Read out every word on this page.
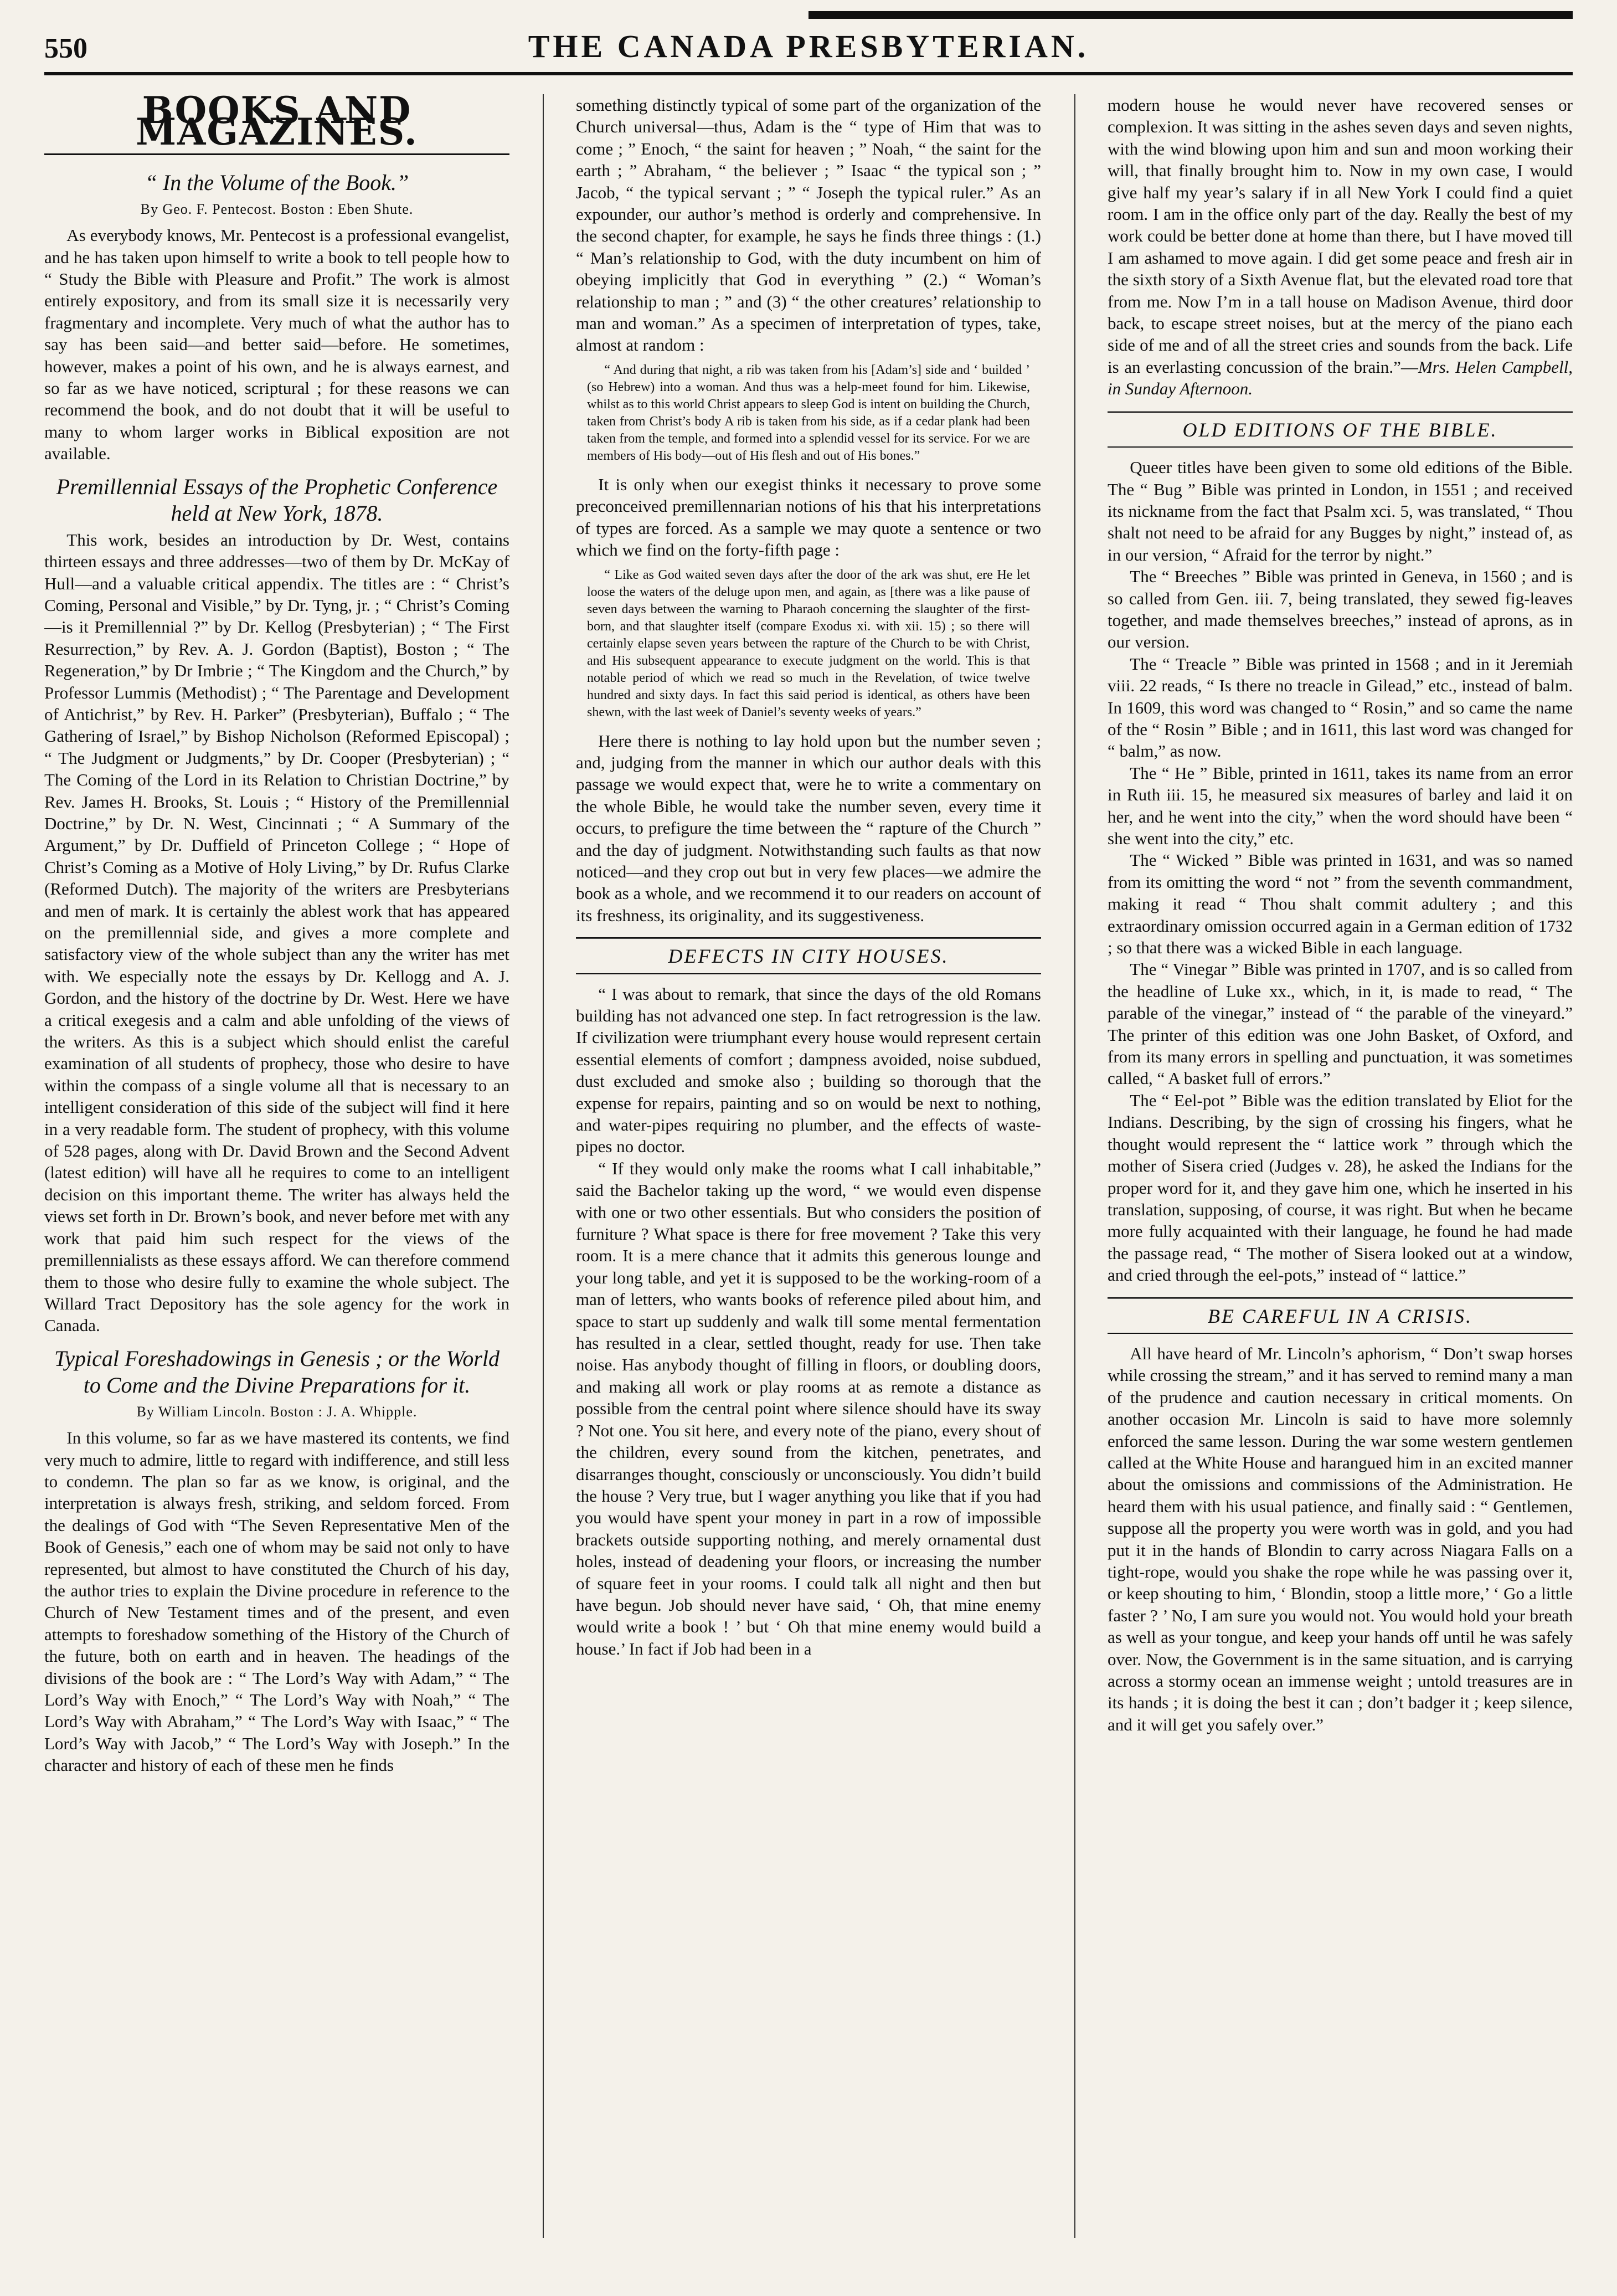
550	THE CANADA PRESBYTERIAN.
BOOKS AND MAGAZINES.

“ In the Volume of the Book.”

By Geo. F. Pentecost. Boston : Eben Shute.

As everybody knows, Mr. Pentecost is a professional evangelist, and he has taken upon himself to write a book to tell people how to “ Study the Bible with Pleasure and Profit.” The work is almost entirely expository, and from its small size it is necessarily very fragmentary and incomplete. Very much of what the author has to say has been said—and better said—before. He sometimes, however, makes a point of his own, and he is always earnest, and so far as we have noticed, scriptural ; for these reasons we can recommend the book, and do not doubt that it will be useful to many to whom larger works in Biblical exposition are not available.

Premillennial Essays of the Prophetic Conference held at New York, 1878.

This work, besides an introduction by Dr. West, contains thirteen essays and three addresses—two of them by Dr. McKay of Hull—and a valuable critical appendix. The titles are : “ Christ’s Coming, Personal and Visible,” by Dr. Tyng, jr. ; “ Christ’s Coming—is it Premillennial ?” by Dr. Kellog (Presbyterian) ; “ The First Resurrection,” by Rev. A. J. Gordon (Baptist), Boston ; “ The Regeneration,” by Dr Imbrie ; “ The Kingdom and the Church,” by Professor Lummis (Methodist) ; “ The Parentage and Development of Antichrist,” by Rev. H. Parker” (Presbyterian), Buffalo ; “ The Gathering of Israel,” by Bishop Nicholson (Reformed Episcopal) ; “ The Judgment or Judgments,” by Dr. Cooper (Presbyterian) ; “ The Coming of the Lord in its Relation to Christian Doctrine,” by Rev. James H. Brooks, St. Louis ; “ History of the Premillennial Doctrine,” by Dr. N. West, Cincinnati ; “ A Summary of the Argument,” by Dr. Duffield of Princeton College ; “ Hope of Christ’s Coming as a Motive of Holy Living,” by Dr. Rufus Clarke (Reformed Dutch). The majority of the writers are Presbyterians and men of mark. It is certainly the ablest work that has appeared on the premillennial side, and gives a more complete and satisfactory view of the whole subject than any the writer has met with. We especially note the essays by Dr. Kellogg and A. J. Gordon, and the history of the doctrine by Dr. West. Here we have a critical exegesis and a calm and able unfolding of the views of the writers. As this is a subject which should enlist the careful examination of all students of prophecy, those who desire to have within the compass of a single volume all that is necessary to an intelligent consideration of this side of the subject will find it here in a very readable form. The student of prophecy, with this volume of 528 pages, along with Dr. David Brown and the Second Advent (latest edition) will have all he requires to come to an intelligent decision on this important theme. The writer has always held the views set forth in Dr. Brown’s book, and never before met with any work that paid him such respect for the views of the premillennialists as these essays afford. We can therefore commend them to those who desire fully to examine the whole subject. The Willard Tract Depository has the sole agency for the work in Canada.

Typical Foreshadowings in Genesis ; or the World to Come and the Divine Preparations for it.

By William Lincoln. Boston : J. A. Whipple.

In this volume, so far as we have mastered its contents, we find very much to admire, little to regard with indifference, and still less to condemn. The plan so far as we know, is original, and the interpretation is always fresh, striking, and seldom forced. From the dealings of God with “The Seven Representative Men of the Book of Genesis,” each one of whom may be said not only to have represented, but almost to have constituted the Church of his day, the author tries to explain the Divine procedure in reference to the Church of New Testament times and of the present, and even attempts to foreshadow something of the History of the Church of the future, both on earth and in heaven. The headings of the divisions of the book are : “ The Lord’s Way with Adam,” “ The Lord’s Way with Enoch,” “ The Lord’s Way with Noah,” “ The Lord’s Way with Abraham,” “ The Lord’s Way with Isaac,” “ The Lord’s Way with Jacob,” “ The Lord’s Way with Joseph.” In the character and history of each of these men he finds

something distinctly typical of some part of the organization of the Church universal—thus, Adam is the “ type of Him that was to come ; ” Enoch, “ the saint for heaven ; ” Noah, “ the saint for the earth ; ” Abraham, “ the believer ; ” Isaac “ the typical son ; ” Jacob, “ the typical servant ; ” “ Joseph the typical ruler.” As an expounder, our author’s method is orderly and comprehensive. In the second chapter, for example, he says he finds three things : (1.) “ Man’s relationship to God, with the duty incumbent on him of obeying implicitly that God in everything ” (2.) “ Woman’s relationship to man ; ” and (3) “ the other creatures’ relationship to man and woman.” As a specimen of interpretation of types, take, almost at random :

“ And during that night, a rib was taken from his [Adam’s] side and ‘ builded ’ (so Hebrew) into a woman. And thus was a help-meet found for him. Likewise, whilst as to this world Christ appears to sleep God is intent on building the Church, taken from Christ’s body A rib is taken from his side, as if a cedar plank had been taken from the temple, and formed into a splendid vessel for its service. For we are members of His body—out of His flesh and out of His bones.”

It is only when our exegist thinks it necessary to prove some preconceived premillennarian notions of his that his interpretations of types are forced. As a sample we may quote a sentence or two which we find on the forty-fifth page :

“ Like as God waited seven days after the door of the ark was shut, ere He let loose the waters of the deluge upon men, and again, as [there was a like pause of seven days between the warning to Pharaoh concerning the slaughter of the first-born, and that slaughter itself (compare Exodus xi. with xii. 15) ; so there will certainly elapse seven years between the rapture of the Church to be with Christ, and His subsequent appearance to execute judgment on the world. This is that notable period of which we read so much in the Revelation, of twice twelve hundred and sixty days. In fact this said period is identical, as others have been shewn, with the last week of Daniel’s seventy weeks of years.”

Here there is nothing to lay hold upon but the number seven ; and, judging from the manner in which our author deals with this passage we would expect that, were he to write a commentary on the whole Bible, he would take the number seven, every time it occurs, to prefigure the time between the “ rapture of the Church ” and the day of judgment. Notwithstanding such faults as that now noticed—and they crop out but in very few places—we admire the book as a whole, and we recommend it to our readers on account of its freshness, its originality, and its suggestiveness.

DEFECTS IN CITY HOUSES.

“ I was about to remark, that since the days of the old Romans building has not advanced one step. In fact retrogression is the law. If civilization were triumphant every house would represent certain essential elements of comfort ; dampness avoided, noise subdued, dust excluded and smoke also ; building so thorough that the expense for repairs, painting and so on would be next to nothing, and water-pipes requiring no plumber, and the effects of waste-pipes no doctor.

“ If they would only make the rooms what I call inhabitable,” said the Bachelor taking up the word, “ we would even dispense with one or two other essentials. But who considers the position of furniture ? What space is there for free movement ? Take this very room. It is a mere chance that it admits this generous lounge and your long table, and yet it is supposed to be the working-room of a man of letters, who wants books of reference piled about him, and space to start up suddenly and walk till some mental fermentation has resulted in a clear, settled thought, ready for use. Then take noise. Has anybody thought of filling in floors, or doubling doors, and making all work or play rooms at as remote a distance as possible from the central point where silence should have its sway ? Not one. You sit here, and every note of the piano, every shout of the children, every sound from the kitchen, penetrates, and disarranges thought, consciously or unconsciously. You didn’t build the house ? Very true, but I wager anything you like that if you had you would have spent your money in part in a row of impossible brackets outside supporting nothing, and merely ornamental dust holes, instead of deadening your floors, or increasing the number of square feet in your rooms. I could talk all night and then but have begun. Job should never have said, ‘ Oh, that mine enemy would write a book ! ’ but ‘ Oh that mine enemy would build a house.’ In fact if Job had been in a

modern house he would never have recovered senses or complexion. It was sitting in the ashes seven days and seven nights, with the wind blowing upon him and sun and moon working their will, that finally brought him to. Now in my own case, I would give half my year’s salary if in all New York I could find a quiet room. I am in the office only part of the day. Really the best of my work could be better done at home than there, but I have moved till I am ashamed to move again. I did get some peace and fresh air in the sixth story of a Sixth Avenue flat, but the elevated road tore that from me. Now I’m in a tall house on Madison Avenue, third door back, to escape street noises, but at the mercy of the piano each side of me and of all the street cries and sounds from the back. Life is an everlasting concussion of the brain.”—Mrs. Helen Campbell, in Sunday Afternoon.

OLD EDITIONS OF THE BIBLE.

Queer titles have been given to some old editions of the Bible. The “ Bug ” Bible was printed in London, in 1551 ; and received its nickname from the fact that Psalm xci. 5, was translated, “ Thou shalt not need to be afraid for any Bugges by night,” instead of, as in our version, “ Afraid for the terror by night.”

The “ Breeches ” Bible was printed in Geneva, in 1560 ; and is so called from Gen. iii. 7, being translated, they sewed fig-leaves together, and made themselves breeches,” instead of aprons, as in our version.

The “ Treacle ” Bible was printed in 1568 ; and in it Jeremiah viii. 22 reads, “ Is there no treacle in Gilead,” etc., instead of balm. In 1609, this word was changed to “ Rosin,” and so came the name of the “ Rosin ” Bible ; and in 1611, this last word was changed for “ balm,” as now.

The “ He ” Bible, printed in 1611, takes its name from an error in Ruth iii. 15, he measured six measures of barley and laid it on her, and he went into the city,” when the word should have been “ she went into the city,” etc.

The “ Wicked ” Bible was printed in 1631, and was so named from its omitting the word “ not ” from the seventh commandment, making it read “ Thou shalt commit adultery ; and this extraordinary omission occurred again in a German edition of 1732 ; so that there was a wicked Bible in each language.

The “ Vinegar ” Bible was printed in 1707, and is so called from the headline of Luke xx., which, in it, is made to read, “ The parable of the vinegar,” instead of “ the parable of the vineyard.” The printer of this edition was one John Basket, of Oxford, and from its many errors in spelling and punctuation, it was sometimes called, “ A basket full of errors.”

The “ Eel-pot ” Bible was the edition translated by Eliot for the Indians. Describing, by the sign of crossing his fingers, what he thought would represent the “ lattice work ” through which the mother of Sisera cried (Judges v. 28), he asked the Indians for the proper word for it, and they gave him one, which he inserted in his translation, supposing, of course, it was right. But when he became more fully acquainted with their language, he found he had made the passage read, “ The mother of Sisera looked out at a window, and cried through the eel-pots,” instead of “ lattice.”

BE CAREFUL IN A CRISIS.

All have heard of Mr. Lincoln’s aphorism, “ Don’t swap horses while crossing the stream,” and it has served to remind many a man of the prudence and caution necessary in critical moments. On another occasion Mr. Lincoln is said to have more solemnly enforced the same lesson. During the war some western gentlemen called at the White House and harangued him in an excited manner about the omissions and commissions of the Administration. He heard them with his usual patience, and finally said : “ Gentlemen, suppose all the property you were worth was in gold, and you had put it in the hands of Blondin to carry across Niagara Falls on a tight-rope, would you shake the rope while he was passing over it, or keep shouting to him, ‘ Blondin, stoop a little more,’ ‘ Go a little faster ? ’ No, I am sure you would not. You would hold your breath as well as your tongue, and keep your hands off until he was safely over. Now, the Government is in the same situation, and is carrying across a stormy ocean an immense weight ; untold treasures are in its hands ; it is doing the best it can ; don’t badger it ; keep silence, and it will get you safely over.”
